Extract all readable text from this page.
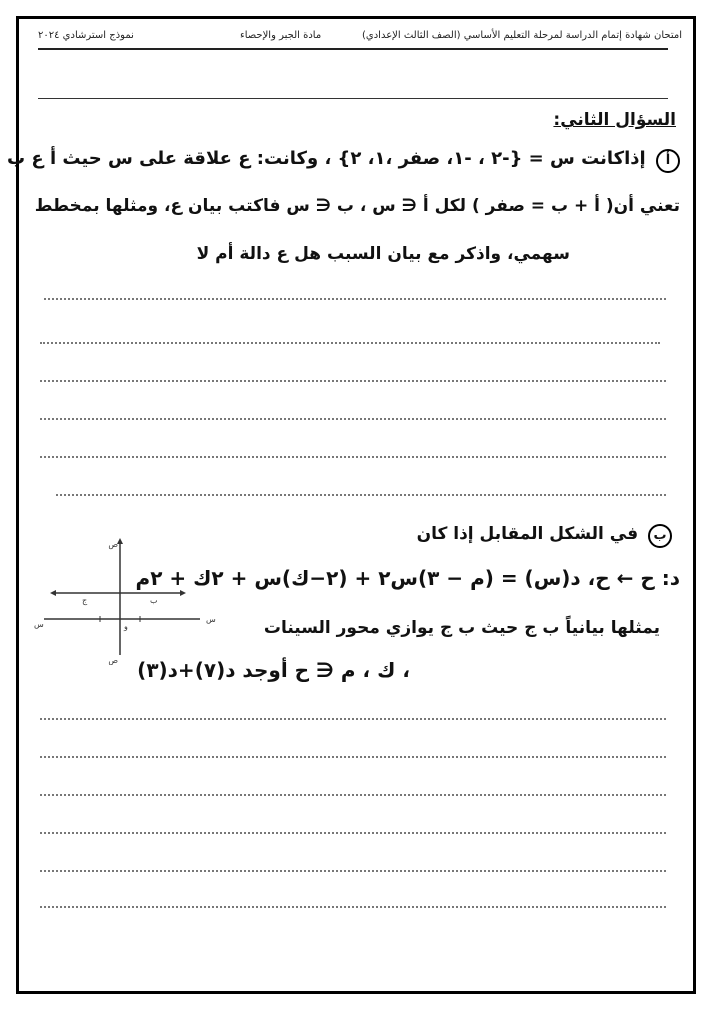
نموذج استرشادي ٢٠٢٤	مادة الجبر والإحصاء	امتحان شهادة إتمام الدراسة لمرحلة التعليم الأساسي (الصف الثالث الإعدادي)
السؤال الثاني:
أ إذاكانت س = {-٢ ، -١، صفر ،١، ٢} ، وكانت: ع علاقة على س حيث أ ع ب
تعني أن( أ + ب = صفر ) لكل أ ∈ س ، ب ∈ س فاكتب بيان ع، ومثلها بمخطط
سهمي، واذكر مع بيان السبب هل ع دالة أم لا
ب في الشكل المقابل إذا كان
د: ح ← ح، د(س) = (م − ٣)س٢ + (٢−ك)س + ٢ك + ٢م
يمثلها بيانياً ب ج حيث ب ج يوازي محور السينات
، ك ، م ∈ ح أوجد د(٧)+د(٣)
ص
ص
س
س
ب
ج
و
